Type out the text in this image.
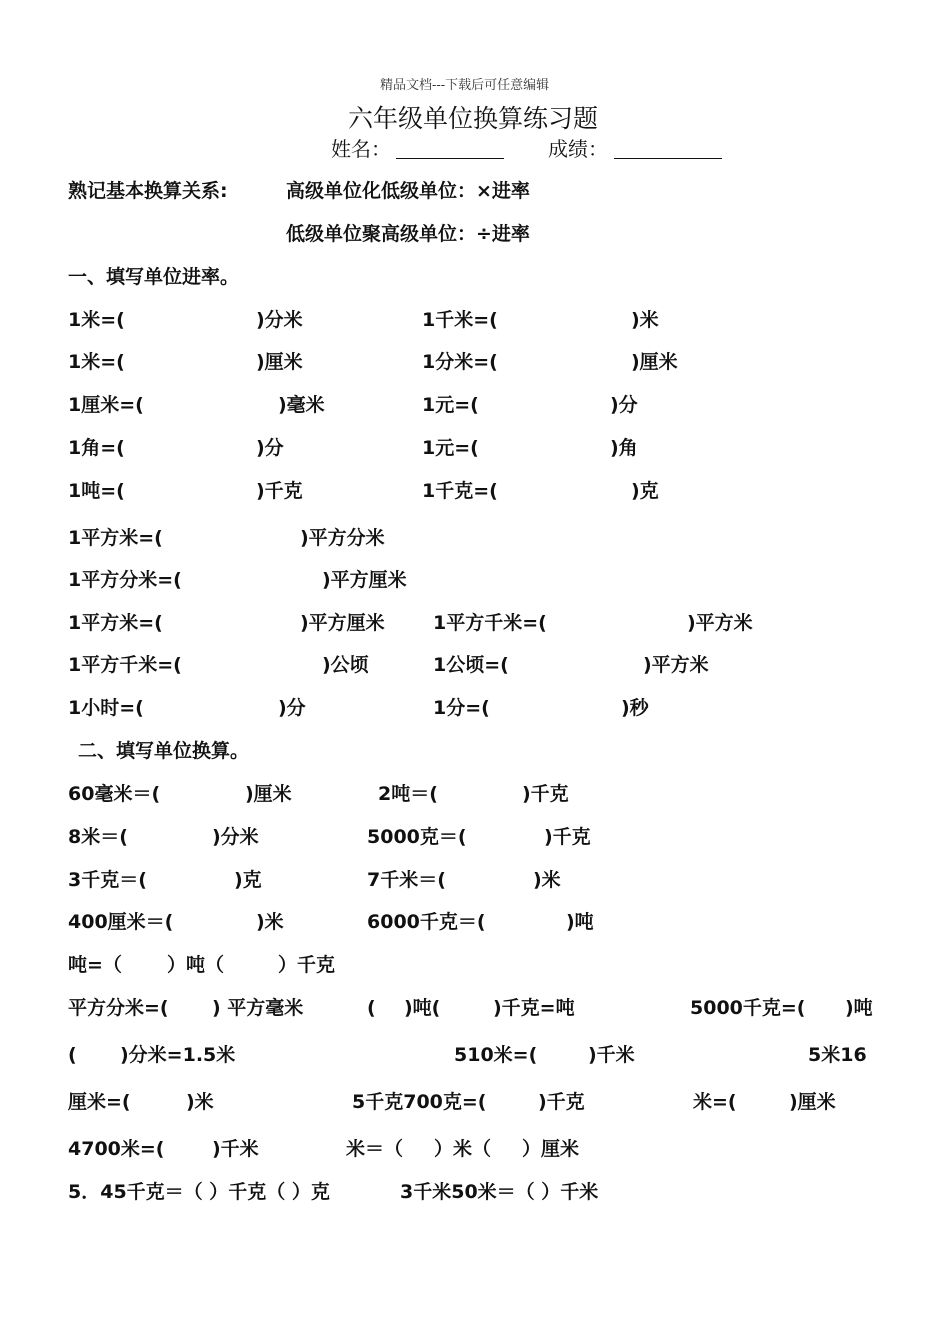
精品文档---下载后可任意编辑
六年级单位换算练习题
姓名：	成绩：
熟记基本换算关系:	高级单位化低级单位：×进率
低级单位聚高级单位：÷进率
一、填写单位进率。
1米=(	)分米	1千米=(	)米
1米=(	)厘米	1分米=(	)厘米
1厘米=(	)毫米	1元=(	)分
1角=(	)分	1元=(	)角
1吨=(	)千克	1千克=(	)克
1平方米=(	)平方分米
1平方分米=(	)平方厘米
1平方米=(	)平方厘米	1平方千米=(	)平方米
1平方千米=(	)公顷	1公顷=(	)平方米
1小时=(	)分	1分=(	)秒
二、填写单位换算。
60毫米＝(	)厘米	2吨＝(	)千克
8米＝(	)分米	5000克＝(	)千克
3千克＝(	)克	7千米＝(	)米
400厘米＝(	)米	6000千克＝(	)吨
吨=（ ）吨（	）千克
平方分米=( ) 平方毫米	( )吨(	)千克=吨	5000千克=( )吨
( )分米=1.5米	510米=(	)千米	5米16
厘米=(	)米	5千克700克=(	)千克	米=(	)厘米
4700米=(	)千米	米＝（ ）米（ ）厘米
5．45千克＝（ ）千克（ ）克	3千米50米＝（ ）千米
